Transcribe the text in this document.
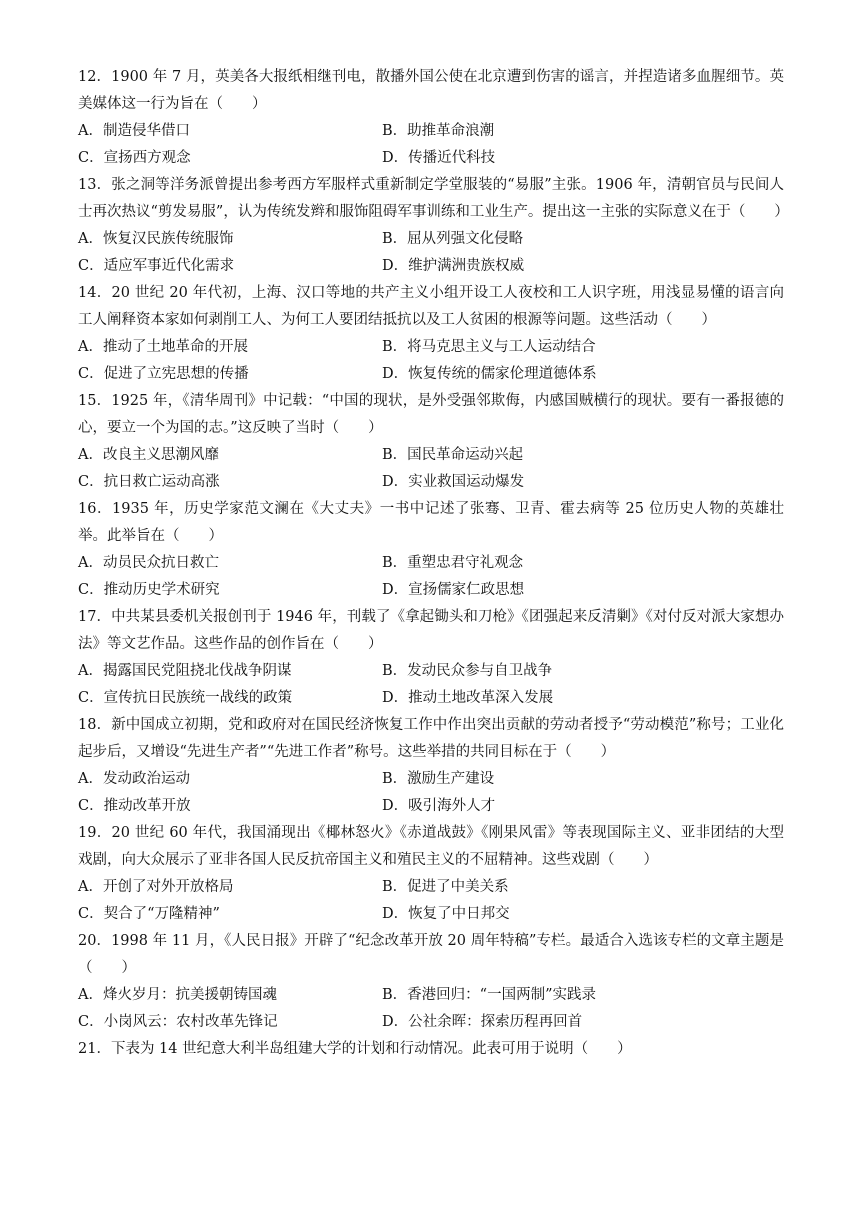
12．1900 年 7 月，英美各大报纸相继刊电，散播外国公使在北京遭到伤害的谣言，并捏造诸多血腥细节。英美媒体这一行为旨在（　　）

A．制造侵华借口	B．助推革命浪潮
C．宣扬西方观念	D．传播近代科技

13．张之洞等洋务派曾提出参考西方军服样式重新制定学堂服装的“易服”主张。1906 年，清朝官员与民间人士再次热议“剪发易服”，认为传统发辫和服饰阻碍军事训练和工业生产。提出这一主张的实际意义在于（　　）

A．恢复汉民族传统服饰	B．屈从列强文化侵略
C．适应军事近代化需求	D．维护满洲贵族权威

14．20 世纪 20 年代初，上海、汉口等地的共产主义小组开设工人夜校和工人识字班，用浅显易懂的语言向工人阐释资本家如何剥削工人、为何工人要团结抵抗以及工人贫困的根源等问题。这些活动（　　）

A．推动了土地革命的开展	B．将马克思主义与工人运动结合
C．促进了立宪思想的传播	D．恢复传统的儒家伦理道德体系

15．1925 年，《清华周刊》中记载：“中国的现状，是外受强邻欺侮，内感国贼横行的现状。要有一番报德的心，要立一个为国的志。”这反映了当时（　　）

A．改良主义思潮风靡	B．国民革命运动兴起
C．抗日救亡运动高涨	D．实业救国运动爆发

16．1935 年，历史学家范文澜在《大丈夫》一书中记述了张骞、卫青、霍去病等 25 位历史人物的英雄壮举。此举旨在（　　）

A．动员民众抗日救亡	B．重塑忠君守礼观念
C．推动历史学术研究	D．宣扬儒家仁政思想

17．中共某县委机关报创刊于 1946 年，刊载了《拿起锄头和刀枪》《团强起来反清剿》《对付反对派大家想办法》等文艺作品。这些作品的创作旨在（　　）

A．揭露国民党阻挠北伐战争阴谋	B．发动民众参与自卫战争
C．宣传抗日民族统一战线的政策	D．推动土地改革深入发展

18．新中国成立初期，党和政府对在国民经济恢复工作中作出突出贡献的劳动者授予“劳动模范”称号；工业化起步后，又增设“先进生产者”“先进工作者”称号。这些举措的共同目标在于（　　）

A．发动政治运动	B．激励生产建设
C．推动改革开放	D．吸引海外人才

19．20 世纪 60 年代，我国涌现出《椰林怒火》《赤道战鼓》《刚果风雷》等表现国际主义、亚非团结的大型戏剧，向大众展示了亚非各国人民反抗帝国主义和殖民主义的不屈精神。这些戏剧（　　）

A．开创了对外开放格局	B．促进了中美关系
C．契合了“万隆精神”	D．恢复了中日邦交

20．1998 年 11 月，《人民日报》开辟了“纪念改革开放 20 周年特稿”专栏。最适合入选该专栏的文章主题是（　　）

A．烽火岁月：抗美援朝铸国魂	B．香港回归：“一国两制”实践录
C．小岗风云：农村改革先锋记	D．公社余晖：探索历程再回首

21．下表为 14 世纪意大利半岛组建大学的计划和行动情况。此表可用于说明（　　）
